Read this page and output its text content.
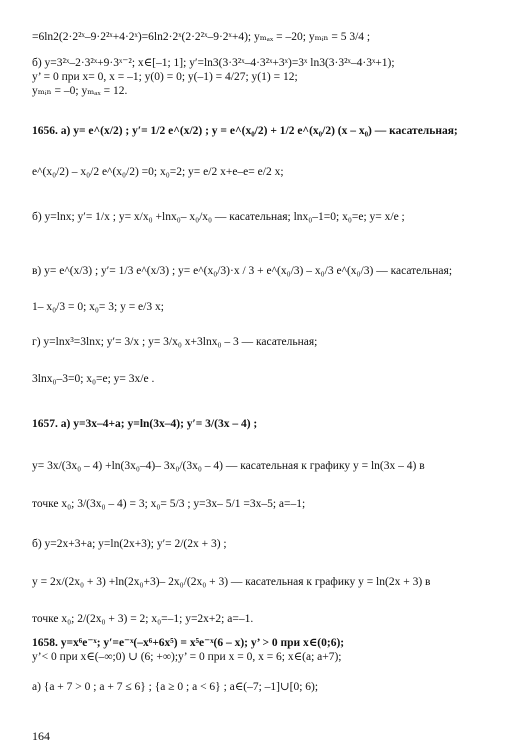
=6ln2(2·2²ˣ–9·2²ˣ+4·2ˣ)=6ln2·2ˣ(2·2²ˣ–9·2ˣ+4); yₘₐₓ = –20; yₘᵢₙ = 5 3/4 ;
б) y=3²ˣ–2·3²ˣ+9·3ˣ⁻²; x∈[–1; 1]; y′=ln3(3·3²ˣ–4·3²ˣ+3ˣ)=3ˣ ln3(3·3²ˣ–4·3ˣ+1);
y’ = 0 при x= 0, x = –1; y(0) = 0; y(–1) = 4/27; y(1) = 12;
yₘᵢₙ = –0; yₘₐₓ = 12.
1656. а) y= e^(x/2) ; y′= 1/2 e^(x/2) ; y = e^(x₀/2) + 1/2 e^(x₀/2) (x – x₀) — касательная;
e^(x₀/2) – x₀/2 e^(x₀/2) =0; x₀=2; y= e/2 x+e–e= e/2 x;
б) y=lnx; y′= 1/x ; y= x/x₀ +lnx₀– x₀/x₀ — касательная; lnx₀–1=0; x₀=e; y= x/e ;
в) y= e^(x/3) ; y′= 1/3 e^(x/3) ; y= e^(x₀/3)·x / 3 + e^(x₀/3) – x₀/3 e^(x₀/3) — касательная;
1– x₀/3 = 0; x₀= 3; y = e/3 x;
г) y=lnx³=3lnx; y′= 3/x ; y= 3/x₀ x+3lnx₀ – 3 — касательная;
3lnx₀–3=0; x₀=e; y= 3x/e .
1657. а) y=3x–4+a; y=ln(3x–4); y′= 3/(3x – 4) ;
y= 3x/(3x₀ – 4) +ln(3x₀–4)– 3x₀/(3x₀ – 4) — касательная к графику y = ln(3x – 4) в
точке x₀; 3/(3x₀ – 4) = 3; x₀= 5/3 ; y=3x– 5/1 =3x–5; a=–1;
б) y=2x+3+a; y=ln(2x+3); y′= 2/(2x + 3) ;
y = 2x/(2x₀ + 3) +ln(2x₀+3)– 2x₀/(2x₀ + 3) — касательная к графику y = ln(2x + 3) в
точке x₀; 2/(2x₀ + 3) = 2; x₀=–1; y=2x+2; a=–1.
1658. y=x⁶e⁻ˣ; y′=e⁻ˣ(–x⁶+6x⁵) = x⁵e⁻ˣ(6 – x); y’ > 0 при x∈(0;6);
y’< 0 при x∈(–∞;0) ∪ (6; +∞);y’ = 0 при x = 0, x = 6; x∈(a; a+7);
а) {a + 7 > 0 ; a + 7 ≤ 6} ; {a ≥ 0 ; a < 6} ; a∈(–7; –1]∪[0; 6);
164
